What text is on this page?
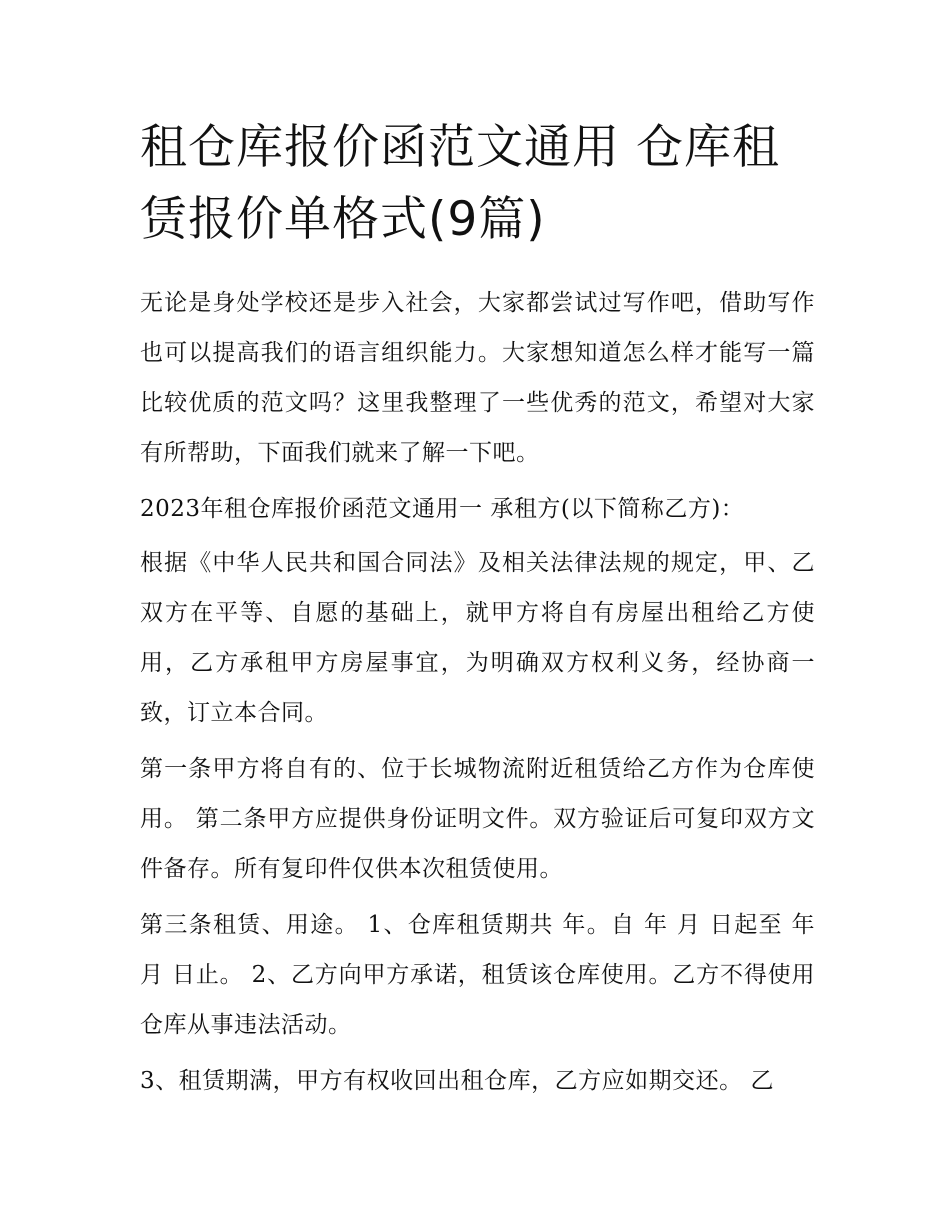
租仓库报价函范文通用 仓库租赁报价单格式(9篇)

无论是身处学校还是步入社会，大家都尝试过写作吧，借助写作也可以提高我们的语言组织能力。大家想知道怎么样才能写一篇比较优质的范文吗？这里我整理了一些优秀的范文，希望对大家有所帮助，下面我们就来了解一下吧。

2023年租仓库报价函范文通用一 承租方(以下简称乙方)：

根据《中华人民共和国合同法》及相关法律法规的规定，甲、乙双方在平等、自愿的基础上，就甲方将自有房屋出租给乙方使用，乙方承租甲方房屋事宜，为明确双方权利义务，经协商一致，订立本合同。

第一条甲方将自有的、位于长城物流附近租赁给乙方作为仓库使用。 第二条甲方应提供身份证明文件。双方验证后可复印双方文件备存。所有复印件仅供本次租赁使用。

第三条租赁、用途。 1、仓库租赁期共 年。自 年 月 日起至 年 月 日止。 2、乙方向甲方承诺，租赁该仓库使用。乙方不得使用仓库从事违法活动。

3、租赁期满，甲方有权收回出租仓库，乙方应如期交还。 乙
